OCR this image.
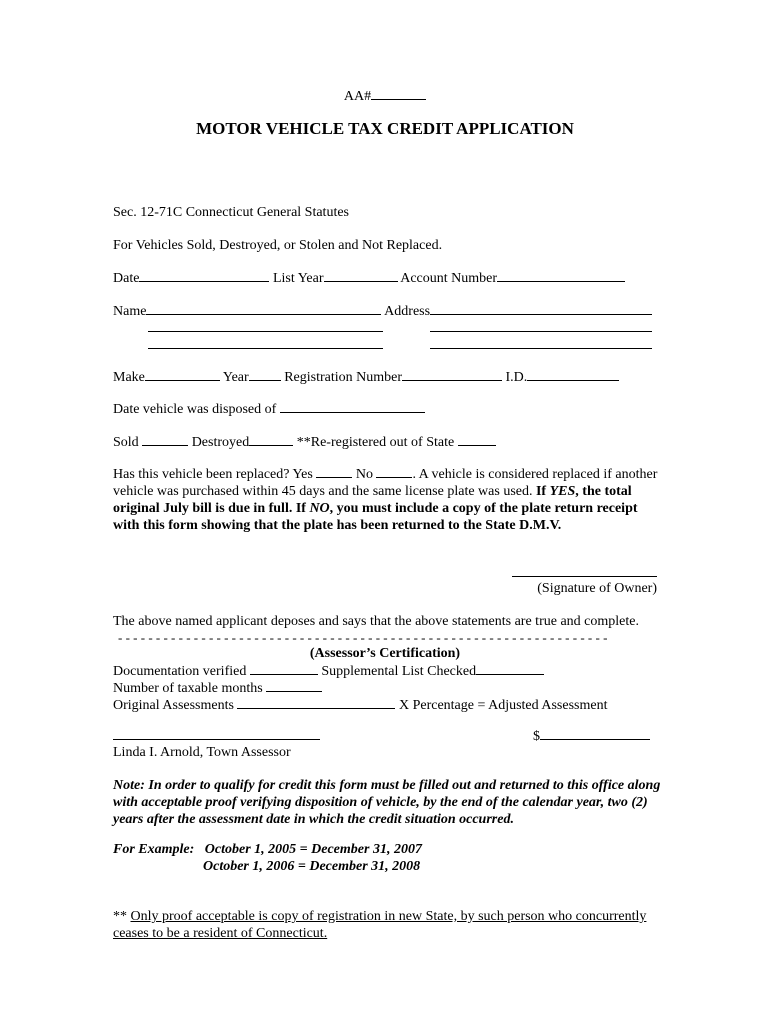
AA#
MOTOR VEHICLE TAX CREDIT APPLICATION
Sec. 12-71C Connecticut General Statutes
For Vehicles Sold, Destroyed, or Stolen and Not Replaced.
Date	List Year	Account Number
Name	Address
Make	Year	Registration Number	I.D.
Date vehicle was disposed of
Sold	Destroyed	**Re-registered out of State
Has this vehicle been replaced? Yes	No	. A vehicle is considered replaced if another vehicle was purchased within 45 days and the same license plate was used. If YES, the total original July bill is due in full. If NO, you must include a copy of the plate return receipt with this form showing that the plate has been returned to the State D.M.V.
(Signature of Owner)
The above named applicant deposes and says that the above statements are true and complete.
- - - - - - - - - - - - - - - - - - - - - - - - - - - - - - - - - - - - - - - - - - - - - - - - - - - - - - - - - - - - - - - - -
(Assessor’s Certification)
Documentation verified	Supplemental List Checked
Number of taxable months
Original Assessments	X Percentage = Adjusted Assessment
$
Linda I. Arnold, Town Assessor
Note: In order to qualify for credit this form must be filled out and returned to this office along with acceptable proof verifying disposition of vehicle, by the end of the calendar year, two (2) years after the assessment date in which the credit situation occurred.
For Example: October 1, 2005 = December 31, 2007
October 1, 2006 = December 31, 2008
** Only proof acceptable is copy of registration in new State, by such person who concurrently ceases to be a resident of Connecticut.
